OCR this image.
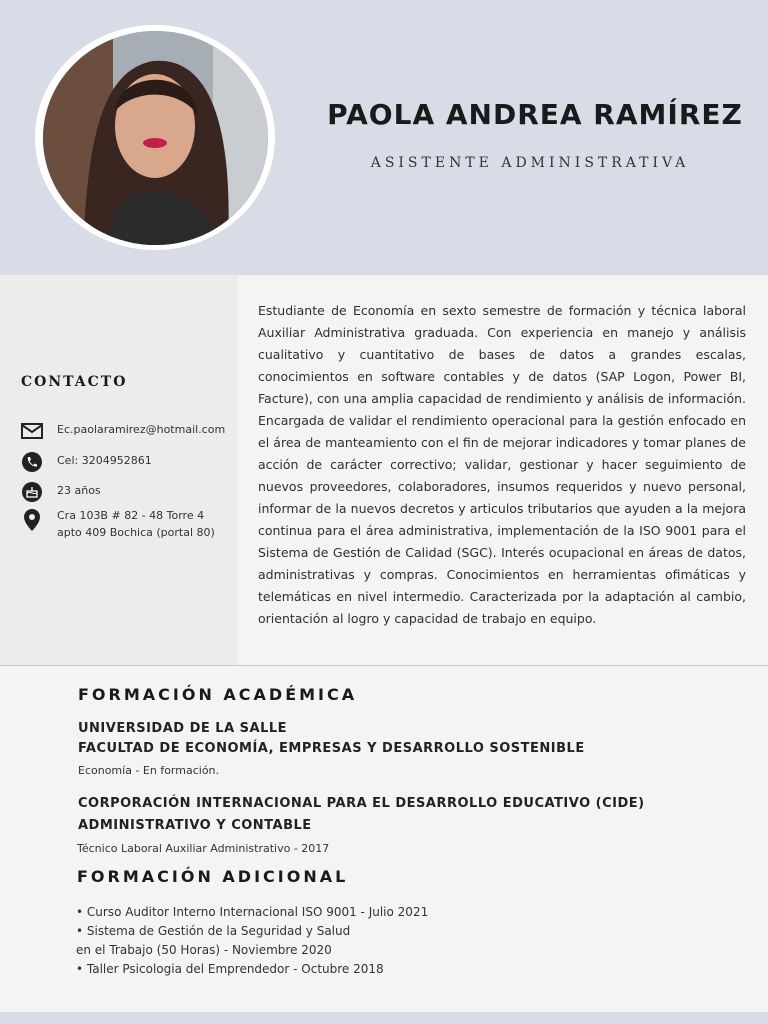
PAOLA ANDREA RAMÍREZ
ASISTENTE ADMINISTRATIVA
CONTACTO
Ec.paolaramirez@hotmail.com
Cel: 3204952861
23 años
Cra 103B # 82 - 48 Torre 4
apto 409 Bochica (portal 80)
Estudiante de Economía en sexto semestre de formación y técnica laboral Auxiliar Administrativa graduada. Con experiencia en manejo y análisis cualitativo y cuantitativo de bases de datos a grandes escalas, conocimientos en software contables y de datos (SAP Logon, Power BI, Facture), con una amplia capacidad de rendimiento y análisis de información. Encargada de validar el rendimiento operacional para la gestión enfocado en el área de manteamiento con el fin de mejorar indicadores y tomar planes de acción de carácter correctivo; validar, gestionar y hacer seguimiento de nuevos proveedores, colaboradores, insumos requeridos y nuevo personal, informar de la nuevos decretos y articulos tributarios que ayuden a la mejora continua para el área administrativa, implementación de la ISO 9001 para el Sistema de Gestión de Calidad (SGC). Interés ocupacional en áreas de datos, administrativas y compras. Conocimientos en herramientas ofimáticas y telemáticas en nivel intermedio. Caracterizada por la adaptación al cambio, orientación al logro y capacidad de trabajo en equipo.
FORMACIÓN ACADÉMICA
UNIVERSIDAD DE LA SALLE
FACULTAD DE ECONOMÍA, EMPRESAS Y DESARROLLO SOSTENIBLE
Economía - En formación.
CORPORACIÓN INTERNACIONAL PARA EL DESARROLLO EDUCATIVO (CIDE)
ADMINISTRATIVO Y CONTABLE
Técnico Laboral Auxiliar Administrativo - 2017
FORMACIÓN ADICIONAL
• Curso Auditor Interno Internacional ISO 9001 - Julio 2021
• Sistema de Gestión de la Seguridad y Salud
en el Trabajo (50 Horas) - Noviembre 2020
• Taller Psicologia del Emprendedor - Octubre 2018
